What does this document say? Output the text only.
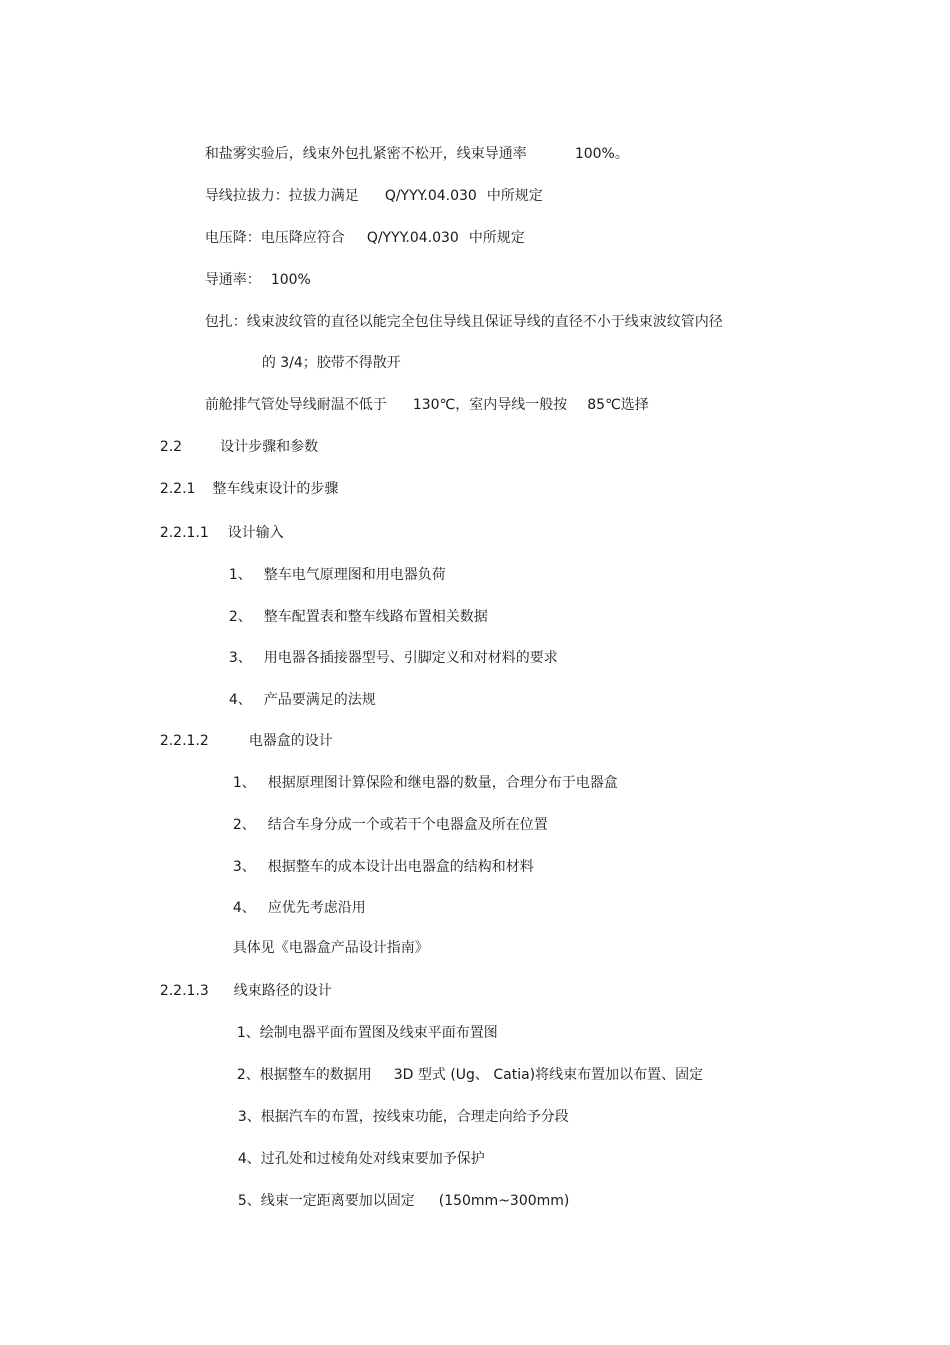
和盐雾实验后，线束外包扎紧密不松开，线束导通率	100%。

导线拉拔力：拉拔力满足 Q/YYY.04.030 中所规定

电压降：电压降应符合 Q/YYY.04.030 中所规定

导通率： 100%

包扎：线束波纹管的直径以能完全包住导线且保证导线的直径不小于线束波纹管内径

的 3/4；胶带不得散开

前舱排气管处导线耐温不低于 130℃，室内导线一般按 85℃选择

2.2	设计步骤和参数

2.2.1 整车线束设计的步骤

2.2.1.1 设计输入

1、 整车电气原理图和用电器负荷

2、 整车配置表和整车线路布置相关数据

3、 用电器各插接器型号、引脚定义和对材料的要求

4、 产品要满足的法规

2.2.1.2	电器盒的设计

1、 根据原理图计算保险和继电器的数量，合理分布于电器盒

2、 结合车身分成一个或若干个电器盒及所在位置

3、 根据整车的成本设计出电器盒的结构和材料

4、 应优先考虑沿用

具体见《电器盒产品设计指南》

2.2.1.3 线束路径的设计

1、绘制电器平面布置图及线束平面布置图

2、根据整车的数据用 3D 型式 (Ug、 Catia)将线束布置加以布置、固定

3、根据汽车的布置，按线束功能，合理走向给予分段

4、过孔处和过棱角处对线束要加予保护

5、线束一定距离要加以固定 (150mm~300mm)
